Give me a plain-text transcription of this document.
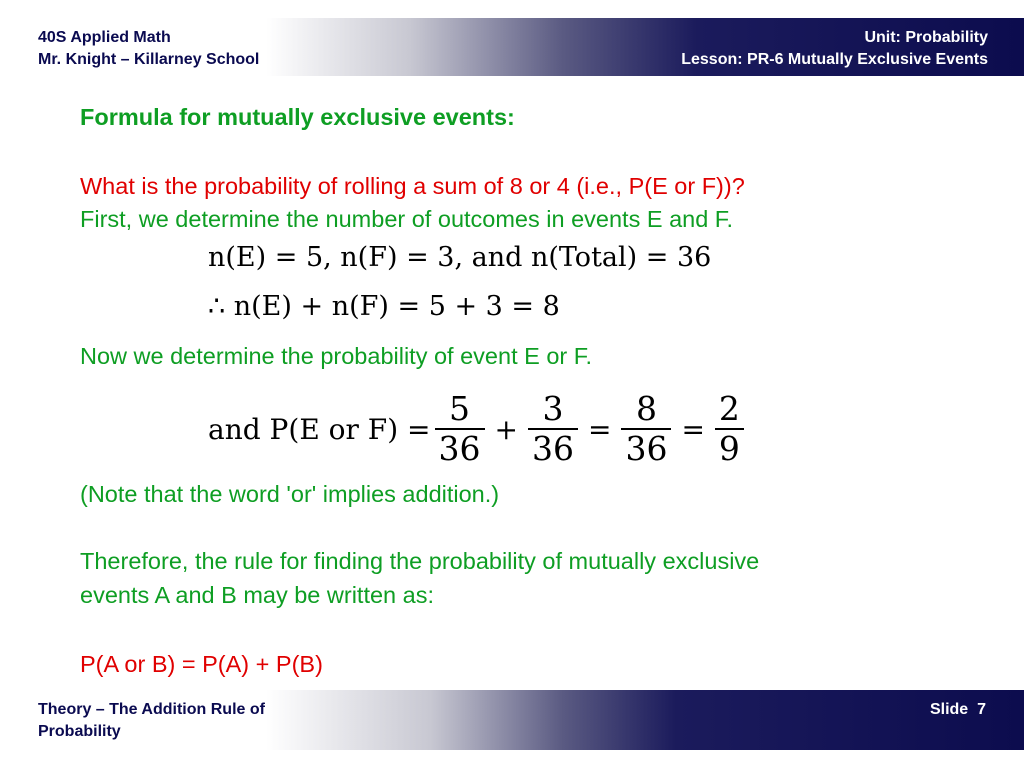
40S Applied Math
Mr. Knight – Killarney School
Unit: Probability
Lesson: PR-6 Mutually Exclusive Events
Formula for mutually exclusive events:
What is the probability of rolling a sum of 8 or 4 (i.e., P(E or F))?
First, we determine the number of outcomes in events E and F.
n(E) = 5, n(F) = 3, and n(Total) = 36
∴ n(E) + n(F) = 5 + 3 = 8
Now we determine the probability of event E or F.
and P(E or $F) = \frac{5}{36} + \frac{3}{36} = \frac{8}{36} = \frac{2}{9}$
(Note that the word 'or' implies addition.)
Therefore, the rule for finding the probability of mutually exclusive
events A and B may be written as:
P(A or B) = P(A) + P(B)
Theory – The Addition Rule of
Probability
Slide 7
